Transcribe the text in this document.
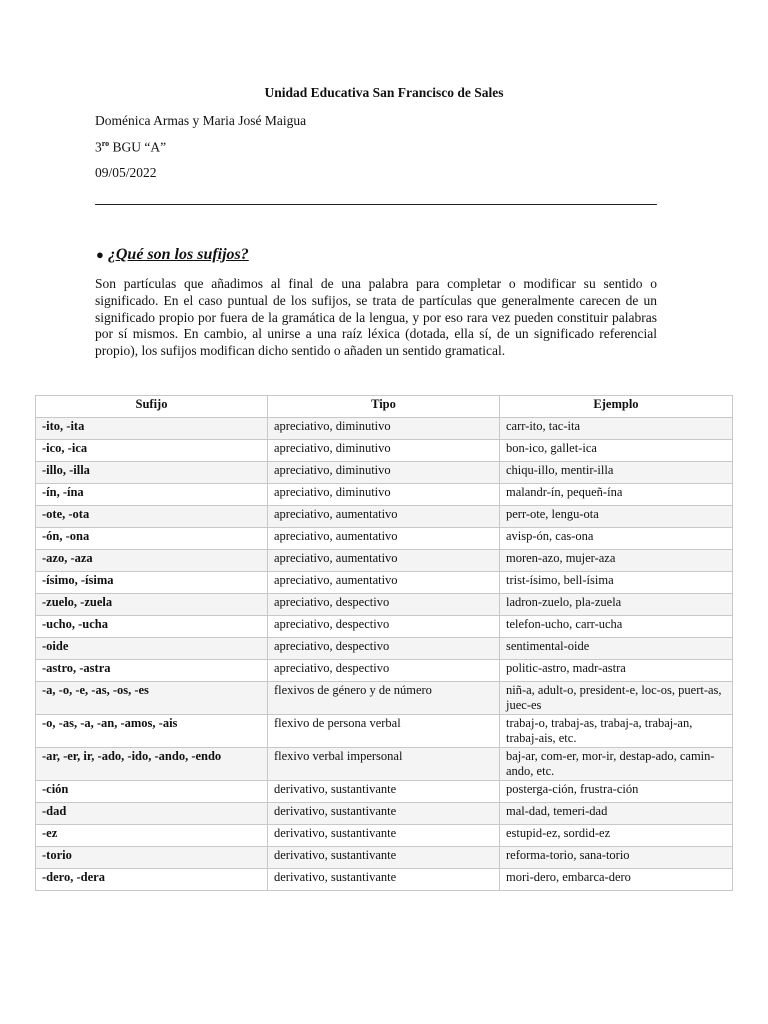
Unidad Educativa San Francisco de Sales
Doménica Armas y Maria José Maigua
$3^{ro}$ BGU “A”
09/05/2022
● ¿Qué son los sufijos?
Son partículas que añadimos al final de una palabra para completar o modificar su sentido o significado. En el caso puntual de los sufijos, se trata de partículas que generalmente carecen de un significado propio por fuera de la gramática de la lengua, y por eso rara vez pueden constituir palabras por sí mismos. En cambio, al unirse a una raíz léxica (dotada, ella sí, de un significado referencial propio), los sufijos modifican dicho sentido o añaden un sentido gramatical.
Sufijo	Tipo	Ejemplo
-ito, -ita	apreciativo, diminutivo	carr-ito, tac-ita
-ico, -ica	apreciativo, diminutivo	bon-ico, gallet-ica
-illo, -illa	apreciativo, diminutivo	chiqu-illo, mentir-illa
-ín, -ína	apreciativo, diminutivo	malandr-ín, pequeñ-ína
-ote, -ota	apreciativo, aumentativo	perr-ote, lengu-ota
-ón, -ona	apreciativo, aumentativo	avisp-ón, cas-ona
-azo, -aza	apreciativo, aumentativo	moren-azo, mujer-aza
-ísimo, -ísima	apreciativo, aumentativo	trist-ísimo, bell-ísima
-zuelo, -zuela	apreciativo, despectivo	ladron-zuelo, pla-zuela
-ucho, -ucha	apreciativo, despectivo	telefon-ucho, carr-ucha
-oide	apreciativo, despectivo	sentimental-oide
-astro, -astra	apreciativo, despectivo	politic-astro, madr-astra
-a, -o, -e, -as, -os, -es	flexivos de género y de número	niñ-a, adult-o, president-e, loc-os, puert-as, juec-es
-o, -as, -a, -an, -amos, -ais	flexivo de persona verbal	trabaj-o, trabaj-as, trabaj-a, trabaj-an, trabaj-ais, etc.
-ar, -er, ir, -ado, -ido, -ando, -endo	flexivo verbal impersonal	baj-ar, com-er, mor-ir, destap-ado, camin-ando, etc.
-ción	derivativo, sustantivante	posterga-ción, frustra-ción
-dad	derivativo, sustantivante	mal-dad, temeri-dad
-ez	derivativo, sustantivante	estupid-ez, sordid-ez
-torio	derivativo, sustantivante	reforma-torio, sana-torio
-dero, -dera	derivativo, sustantivante	mori-dero, embarca-dero
